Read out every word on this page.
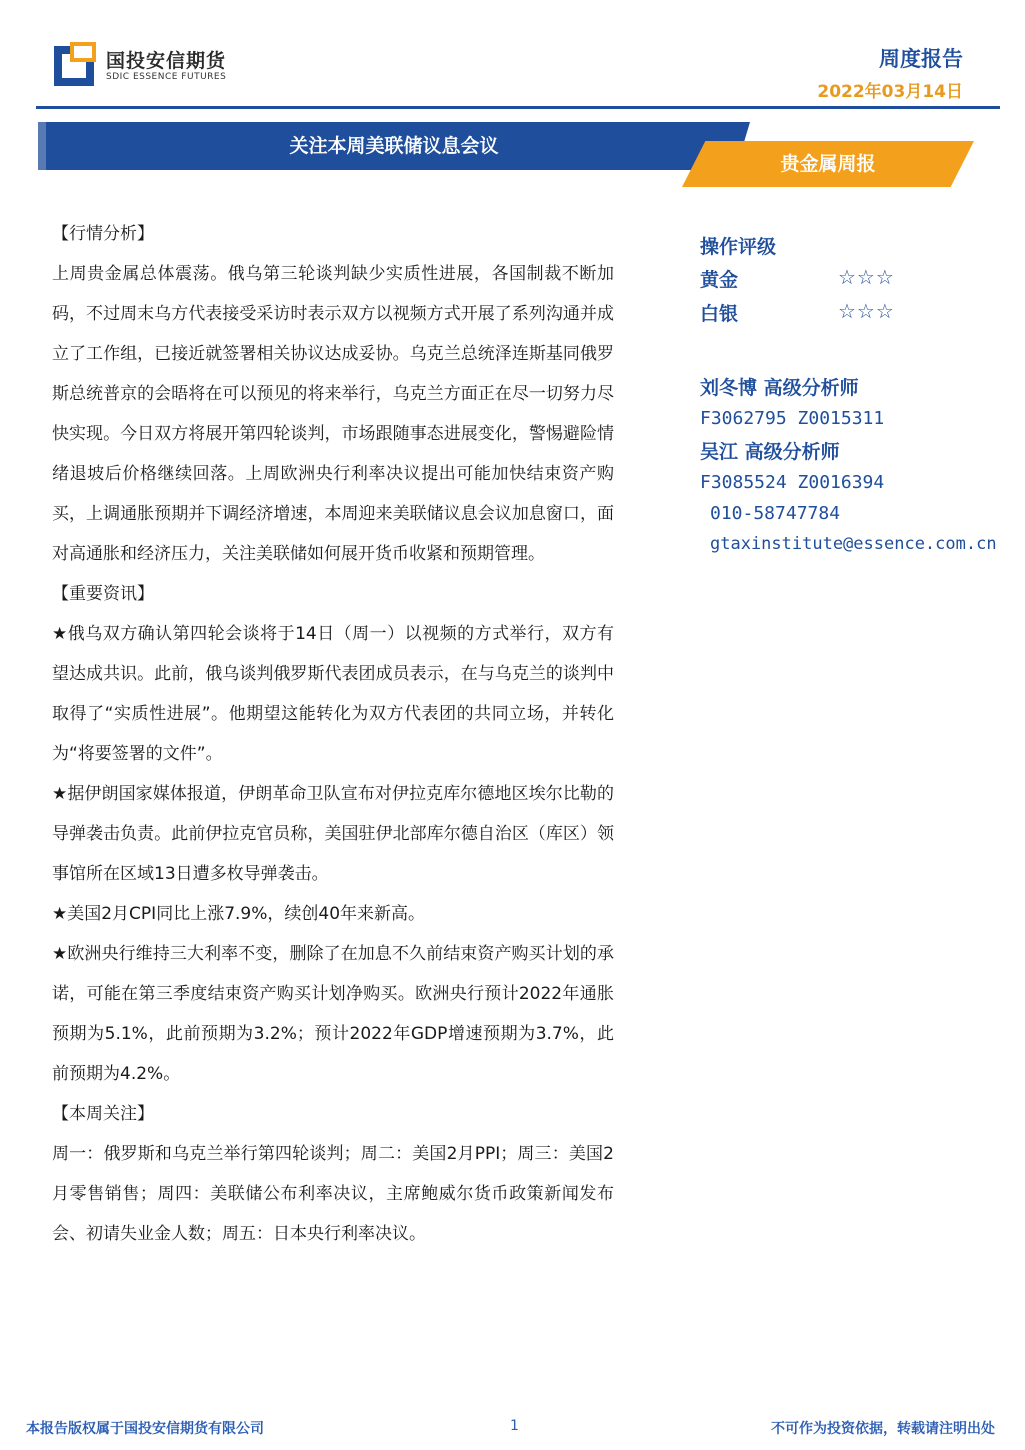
国投安信期货
SDIC ESSENCE FUTURES
周度报告
2022年03月14日
关注本周美联储议息会议
贵金属周报

【行情分析】

上周贵金属总体震荡。俄乌第三轮谈判缺少实质性进展，各国制裁不断加码，不过周末乌方代表接受采访时表示双方以视频方式开展了系列沟通并成立了工作组，已接近就签署相关协议达成妥协。乌克兰总统泽连斯基同俄罗斯总统普京的会晤将在可以预见的将来举行，乌克兰方面正在尽一切努力尽快实现。今日双方将展开第四轮谈判，市场跟随事态进展变化，警惕避险情绪退坡后价格继续回落。上周欧洲央行利率决议提出可能加快结束资产购买，上调通胀预期并下调经济增速，本周迎来美联储议息会议加息窗口，面对高通胀和经济压力，关注美联储如何展开货币收紧和预期管理。

【重要资讯】

★俄乌双方确认第四轮会谈将于14日（周一）以视频的方式举行，双方有望达成共识。此前，俄乌谈判俄罗斯代表团成员表示，在与乌克兰的谈判中取得了“实质性进展”。他期望这能转化为双方代表团的共同立场，并转化为“将要签署的文件”。

★据伊朗国家媒体报道，伊朗革命卫队宣布对伊拉克库尔德地区埃尔比勒的导弹袭击负责。此前伊拉克官员称，美国驻伊北部库尔德自治区（库区）领事馆所在区域13日遭多枚导弹袭击。

★美国2月CPI同比上涨7.9%，续创40年来新高。

★欧洲央行维持三大利率不变，删除了在加息不久前结束资产购买计划的承诺，可能在第三季度结束资产购买计划净购买。欧洲央行预计2022年通胀预期为5.1%，此前预期为3.2%；预计2022年GDP增速预期为3.7%，此前预期为4.2%。

【本周关注】

周一：俄罗斯和乌克兰举行第四轮谈判；周二：美国2月PPI；周三：美国2月零售销售；周四：美联储公布利率决议，主席鲍威尔货币政策新闻发布会、初请失业金人数；周五：日本央行利率决议。

操作评级
黄金	☆☆☆
白银	☆☆☆
刘冬博 高级分析师
F3062795 Z0015311
吴江 高级分析师
F3085524 Z0016394
010-58747784
gtaxinstitute@essence.com.cn
本报告版权属于国投安信期货有限公司	1	不可作为投资依据，转载请注明出处
